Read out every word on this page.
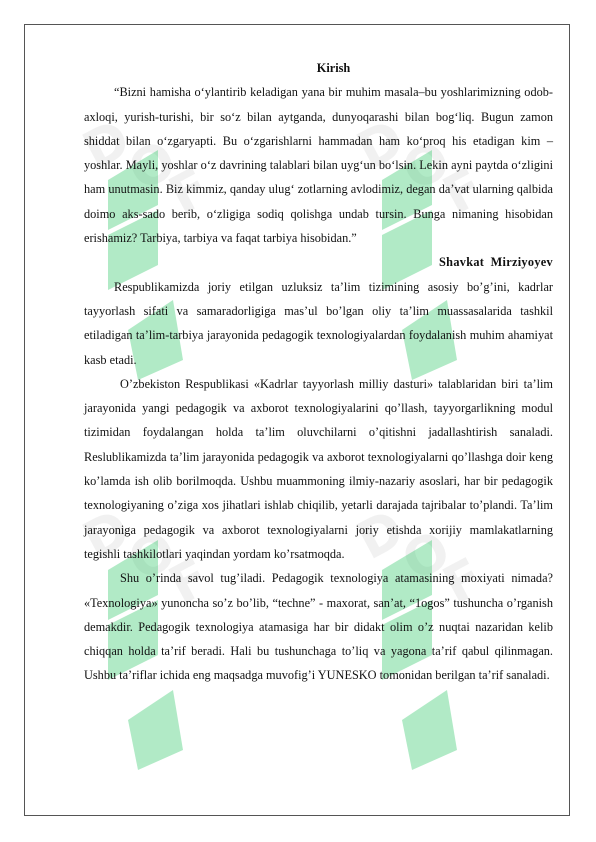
D
O
F
D
O
F
D
O
F
D
O
F

Kirish

“Bizni hamisha o‘ylantirib keladigan yana bir muhim masala–bu yoshlarimizning odob-axloqi, yurish-turishi, bir so‘z bilan aytganda, dunyoqarashi bilan bog‘liq. Bugun zamon shiddat bilan o‘zgaryapti. Bu o‘zgarishlarni hammadan ham ko‘proq his etadigan kim – yoshlar. Mayli, yoshlar o‘z davrining talablari bilan uyg‘un bo‘lsin. Lekin ayni paytda o‘zligini ham unutmasin. Biz kimmiz, qanday ulug‘ zotlarning avlodimiz, degan da’vat ularning qalbida doimo aks-sado berib, o‘zligiga sodiq qolishga undab tursin. Bunga nimaning hisobidan erishamiz? Tarbiya, tarbiya va faqat tarbiya hisobidan.”

Shavkat Mirziyoyev

Respublikamizda joriy etilgan uzluksiz ta’lim tizimining asosiy bo’g’ini, kadrlar tayyorlash sifati va samaradorligiga mas’ul bo’lgan oliy ta’lim muassasalarida tashkil etiladigan ta’lim-tarbiya jarayonida pedagogik texnologiyalardan foydalanish muhim ahamiyat kasb etadi.

O’zbekiston Respublikasi «Kadrlar tayyorlash milliy dasturi» talablaridan biri ta’lim jarayonida yangi pedagogik va axborot texnologiyalarini qo’llash, tayyorgarlikning modul tizimidan foydalangan holda ta’lim oluvchilarni o’qitishni jadallashtirish sanaladi. Reslublikamizda ta’lim jarayonida pedagogik va axborot texnologiyalarni qo’llashga doir keng ko’lamda ish olib borilmoqda. Ushbu muammoning ilmiy-nazariy asoslari, har bir pedagogik texnologiyaning o’ziga xos jihatlari ishlab chiqilib, yetarli darajada tajribalar to’plandi. Ta’lim jarayoniga pedagogik va axborot texnologiyalarni joriy etishda xorijiy mamlakatlarning tegishli tashkilotlari yaqindan yordam ko’rsatmoqda.

Shu o’rinda savol tug’iladi. Pedagogik texnologiya atamasining moxiyati nimada? «Texnologiya» yunoncha so’z bo’lib, “techne” - maxorat, san’at, “1ogos” tushuncha o’rganish demakdir. Pedagogik texnologiya atamasiga har bir didakt olim o’z nuqtai nazaridan kelib chiqqan holda ta’rif beradi. Hali bu tushunchaga to’liq va yagona ta’rif qabul qilinmagan. Ushbu ta’riflar ichida eng maqsadga muvofig’i YUNESKO tomonidan berilgan ta’rif sanaladi.
